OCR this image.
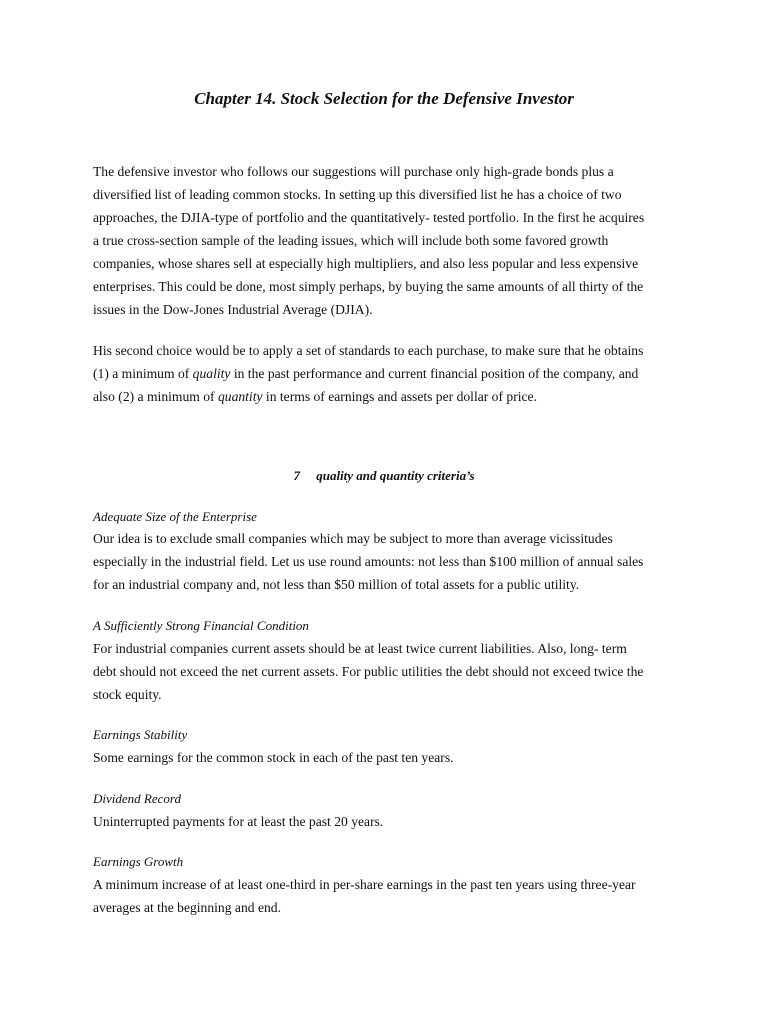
Chapter 14. Stock Selection for the Defensive Investor
The defensive investor who follows our suggestions will purchase only high-grade bonds plus a
diversified list of leading common stocks. In setting up this diversified list he has a choice of two
approaches, the DJIA-type of portfolio and the quantitatively- tested portfolio. In the first he acquires
a true cross-section sample of the leading issues, which will include both some favored growth
companies, whose shares sell at especially high multipliers, and also less popular and less expensive
enterprises. This could be done, most simply perhaps, by buying the same amounts of all thirty of the
issues in the Dow-Jones Industrial Average (DJIA).
His second choice would be to apply a set of standards to each purchase, to make sure that he obtains
(1) a minimum of quality in the past performance and current financial position of the company, and
also (2) a minimum of quantity in terms of earnings and assets per dollar of price.
7 quality and quantity criteria’s
Adequate Size of the Enterprise
Our idea is to exclude small companies which may be subject to more than average vicissitudes
especially in the industrial field. Let us use round amounts: not less than $100 million of annual sales
for an industrial company and, not less than $50 million of total assets for a public utility.
A Sufficiently Strong Financial Condition
For industrial companies current assets should be at least twice current liabilities. Also, long- term
debt should not exceed the net current assets. For public utilities the debt should not exceed twice the
stock equity.
Earnings Stability
Some earnings for the common stock in each of the past ten years.
Dividend Record
Uninterrupted payments for at least the past 20 years.
Earnings Growth
A minimum increase of at least one-third in per-share earnings in the past ten years using three-year
averages at the beginning and end.
